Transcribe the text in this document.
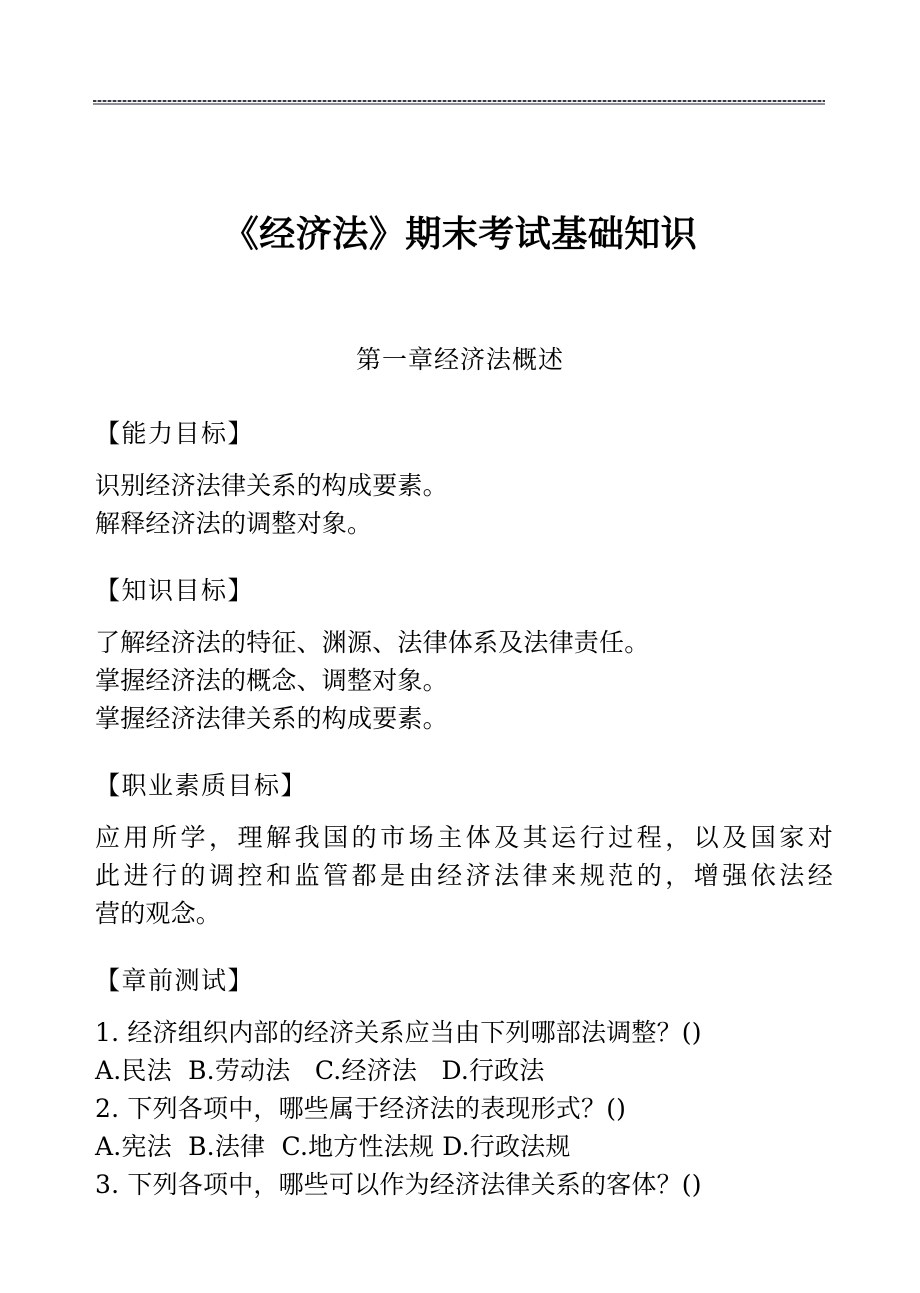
《经济法》期末考试基础知识
第一章经济法概述
【能力目标】

识别经济法律关系的构成要素。

解释经济法的调整对象。

【知识目标】

了解经济法的特征、渊源、法律体系及法律责任。

掌握经济法的概念、调整对象。

掌握经济法律关系的构成要素。

【职业素质目标】
应用所学，理解我国的市场主体及其运行过程，以及国家对
此进行的调控和监管都是由经济法律来规范的，增强依法经
营的观念。
【章前测试】

1. 经济组织内部的经济关系应当由下列哪部法调整？()

A.民法  B.劳动法   C.经济法   D.行政法

2. 下列各项中，哪些属于经济法的表现形式？()

A.宪法  B.法律  C.地方性法规 D.行政法规

3. 下列各项中，哪些可以作为经济法律关系的客体？()
